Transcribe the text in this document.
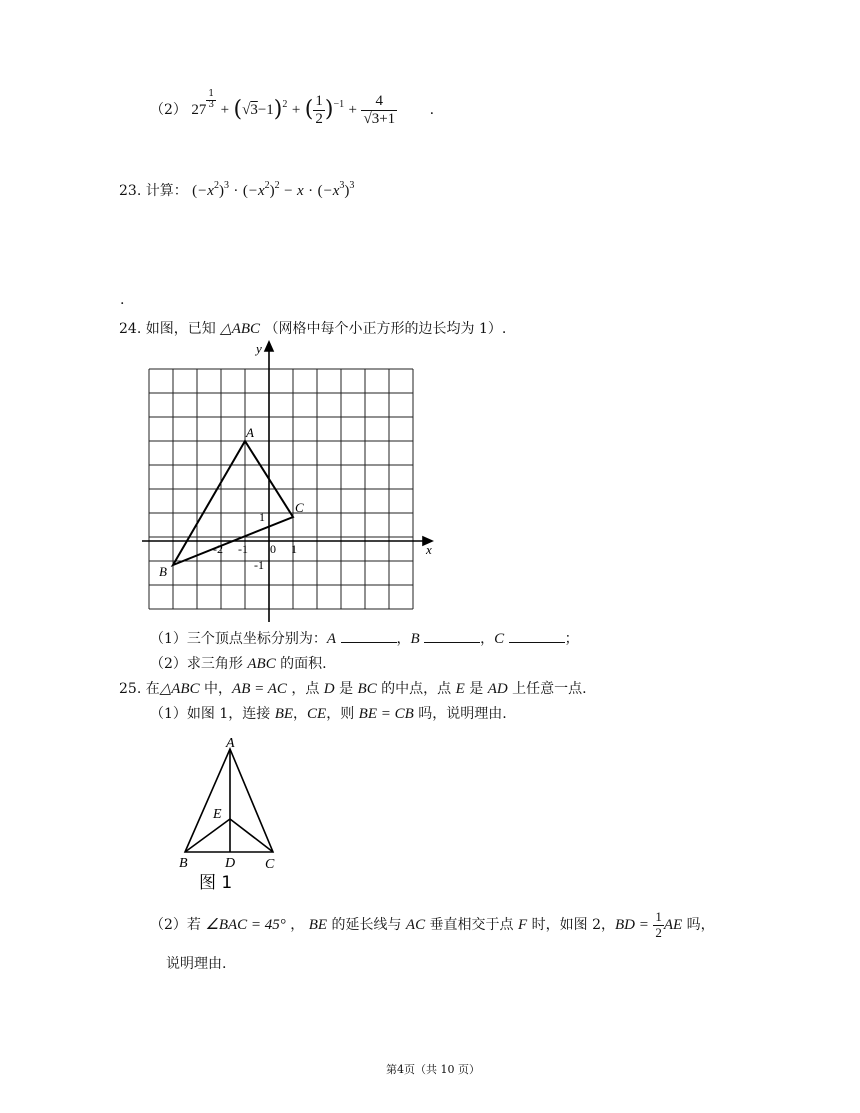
（2） $27 \frac{1}{3} + (√3-1)^2$ + ( $\frac{1}{2} )^{-1} + \frac{4}{√3+1}$ .
23. 计算： $(-x^2)^3 \cdot (-x^2)^2 - x \cdot (-x^3)^3$
.
24. 如图，已知 △ABC （网格中每个小正方形的边长均为 1）.
x
y
-2 -1 0 1
1
-1
A
B
C
（1）三个顶点坐标分别为：A	，B	，C	；
（2）求三角形 ABC 的面积.
25. 在△ABC 中，AB = AC ，点 D 是 BC 的中点，点 E 是 AD 上任意一点.
（1）如图 1，连接 BE，CE，则 BE = CB 吗，说明理由.
A
B	C
D
E
图 1
（2）若 ∠BAC = 45° ， BE 的延长线与 AC 垂直相交于点 F 时，如图 2，BD = $\frac{1}{2}$ AE 吗，
说明理由.
第4页（共 10 页）
